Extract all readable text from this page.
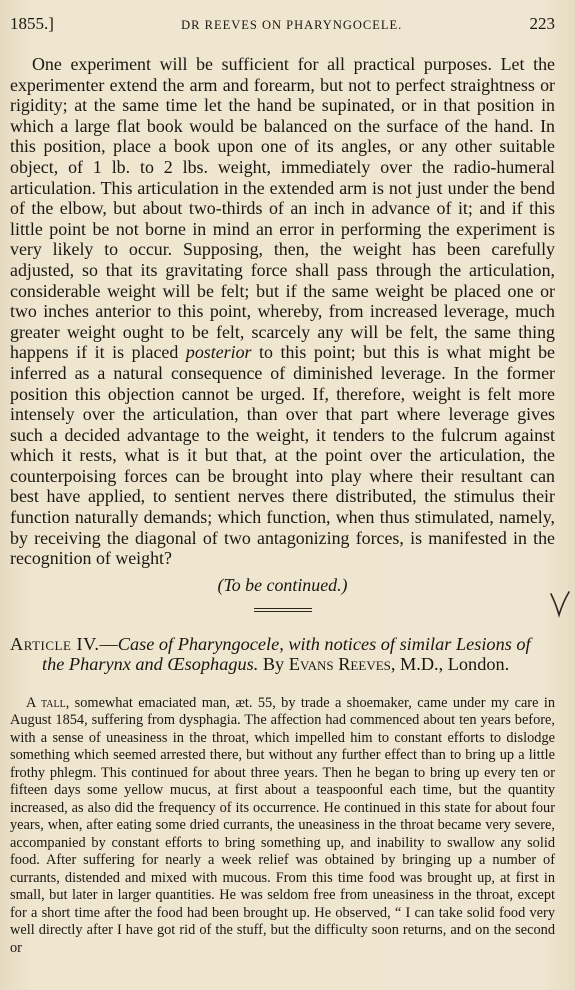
1855.]	DR REEVES ON PHARYNGOCELE.	223

One experiment will be sufficient for all practical purposes. Let the experimenter extend the arm and forearm, but not to perfect straightness or rigidity; at the same time let the hand be supinated, or in that position in which a large flat book would be balanced on the surface of the hand. In this position, place a book upon one of its angles, or any other suitable object, of 1 lb. to 2 lbs. weight, immediately over the radio-humeral articulation. This articulation in the extended arm is not just under the bend of the elbow, but about two-thirds of an inch in advance of it; and if this little point be not borne in mind an error in performing the experiment is very likely to occur. Supposing, then, the weight has been carefully adjusted, so that its gravitating force shall pass through the articulation, considerable weight will be felt; but if the same weight be placed one or two inches anterior to this point, whereby, from increased leverage, much greater weight ought to be felt, scarcely any will be felt, the same thing happens if it is placed posterior to this point; but this is what might be inferred as a natural consequence of diminished leverage. In the former position this objection cannot be urged. If, therefore, weight is felt more intensely over the articulation, than over that part where leverage gives such a decided advantage to the weight, it tenders to the fulcrum against which it rests, what is it but that, at the point over the articulation, the counterpoising forces can be brought into play where their resultant can best have applied, to sentient nerves there distributed, the stimulus their function naturally demands; which function, when thus stimulated, namely, by receiving the diagonal of two antagonizing forces, is manifested in the recognition of weight?

(To be continued.)

Article IV.—Case of Pharyngocele, with notices of similar Lesions of the Pharynx and Œsophagus. By Evans Reeves, M.D., London.

A tall, somewhat emaciated man, æt. 55, by trade a shoemaker, came under my care in August 1854, suffering from dysphagia. The affection had commenced about ten years before, with a sense of uneasiness in the throat, which impelled him to constant efforts to dislodge something which seemed arrested there, but without any further effect than to bring up a little frothy phlegm. This continued for about three years. Then he began to bring up every ten or fifteen days some yellow mucus, at first about a teaspoonful each time, but the quantity increased, as also did the frequency of its occurrence. He continued in this state for about four years, when, after eating some dried currants, the uneasiness in the throat became very severe, accompanied by constant efforts to bring something up, and inability to swallow any solid food. After suffering for nearly a week relief was obtained by bringing up a number of currants, distended and mixed with mucous. From this time food was brought up, at first in small, but later in larger quantities. He was seldom free from uneasiness in the throat, except for a short time after the food had been brought up. He observed, “ I can take solid food very well directly after I have got rid of the stuff, but the difficulty soon returns, and on the second or
